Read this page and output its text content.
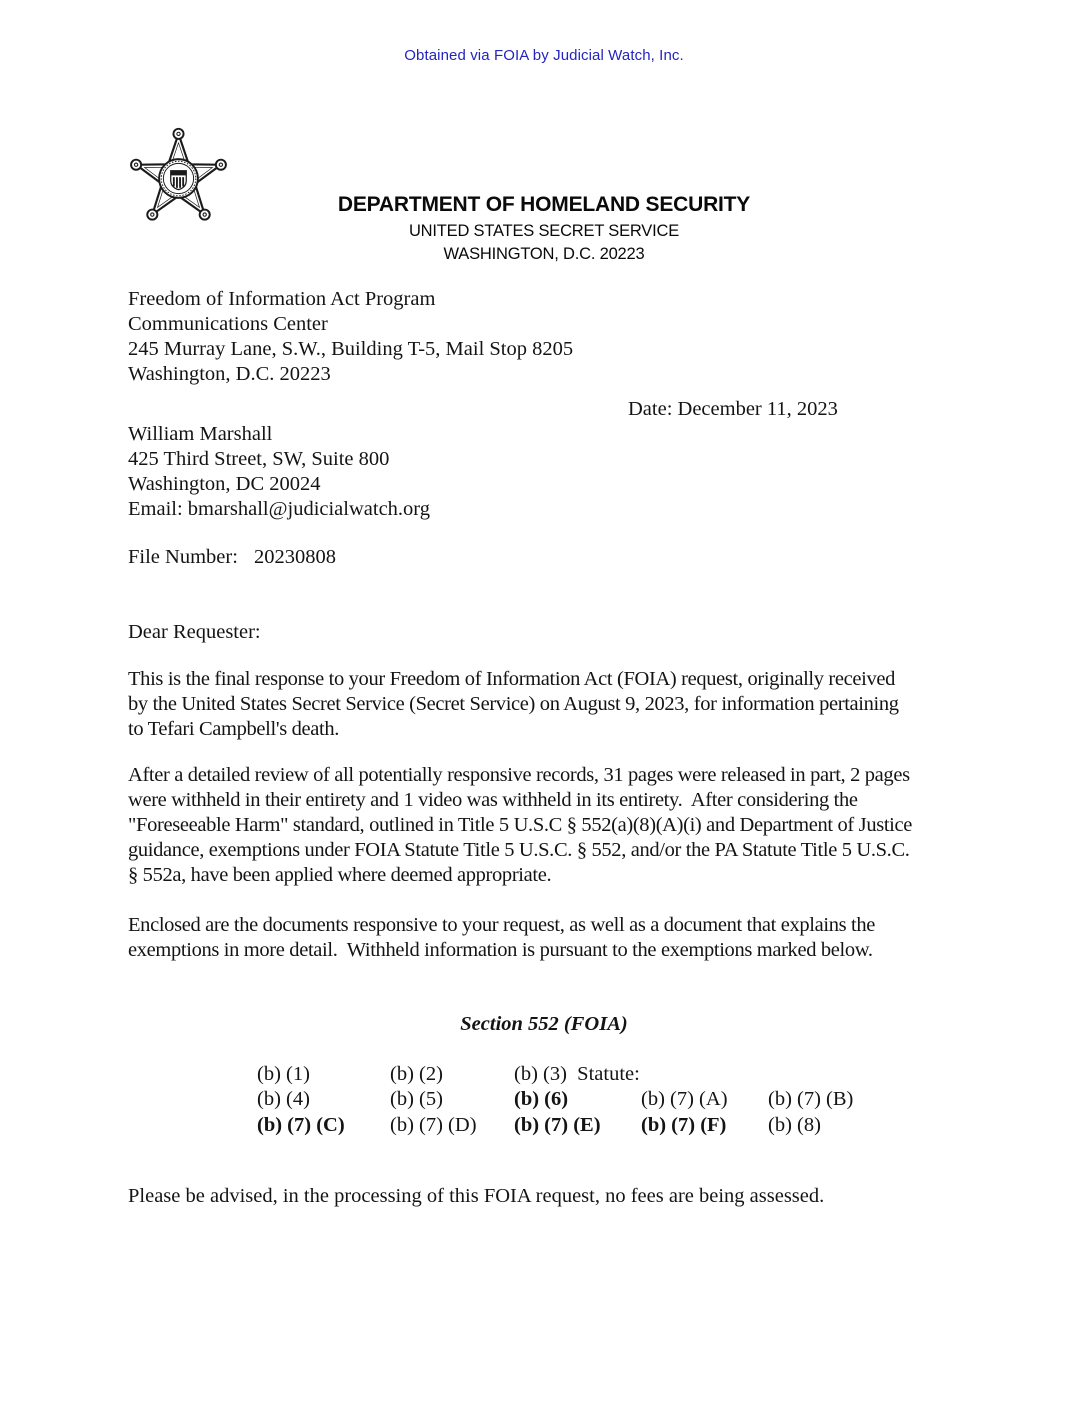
Obtained via FOIA by Judicial Watch, Inc.
DEPARTMENT OF HOMELAND SECURITY
UNITED STATES SECRET SERVICE
WASHINGTON, D.C. 20223
Freedom of Information Act Program
Communications Center
245 Murray Lane, S.W., Building T-5, Mail Stop 8205
Washington, D.C. 20223
Date: December 11, 2023
William Marshall
425 Third Street, SW, Suite 800
Washington, DC 20024
Email: bmarshall@judicialwatch.org
File Number: 20230808
Dear Requester:
This is the final response to your Freedom of Information Act (FOIA) request, originally received
by the United States Secret Service (Secret Service) on August 9, 2023, for information pertaining
to Tefari Campbell's death.
After a detailed review of all potentially responsive records, 31 pages were released in part, 2 pages
were withheld in their entirety and 1 video was withheld in its entirety.  After considering the
"Foreseeable Harm" standard, outlined in Title 5 U.S.C § 552(a)(8)(A)(i) and Department of Justice
guidance, exemptions under FOIA Statute Title 5 U.S.C. § 552, and/or the PA Statute Title 5 U.S.C.
§ 552a, have been applied where deemed appropriate.
Enclosed are the documents responsive to your request, as well as a document that explains the
exemptions in more detail.  Withheld information is pursuant to the exemptions marked below.
Section 552 (FOIA)
(b) (1)	(b) (2)	(b) (3)  Statute:
(b) (4)	(b) (5)	(b) (6)	(b) (7) (A)	(b) (7) (B)
(b) (7) (C)	(b) (7) (D)	(b) (7) (E)	(b) (7) (F)	(b) (8)
Please be advised, in the processing of this FOIA request, no fees are being assessed.
